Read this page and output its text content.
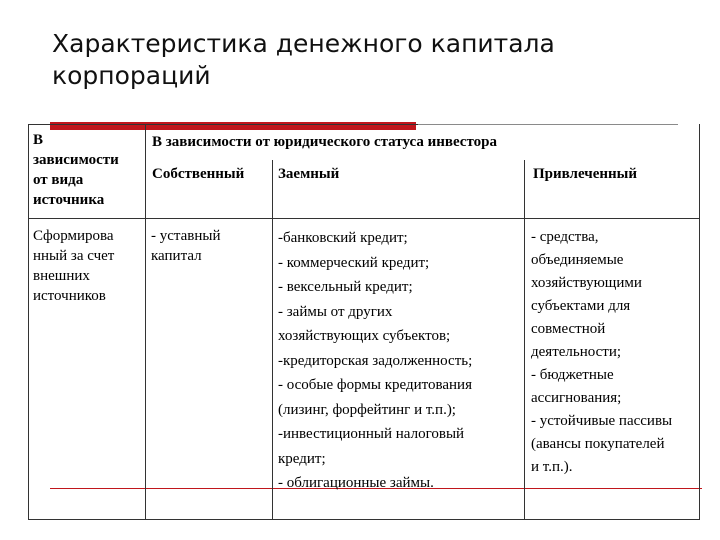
Характеристика денежного капитала
корпораций
В
зависимости
от вида
источника
В зависимости от юридического статуса инвестора
Собственный	Заемный	Привлеченный
Сформирова
нный за счет
внешних
источников
- уставный
капитал
-банковский кредит;
- коммерческий кредит;
- вексельный кредит;
- займы от других
хозяйствующих субъектов;
-кредиторская задолженность;
- особые формы кредитования
(лизинг, форфейтинг и т.п.);
-инвестиционный налоговый
кредит;
- облигационные займы.
- средства,
объединяемые
хозяйствующими
субъектами для
совместной
деятельности;
- бюджетные
ассигнования;
- устойчивые пассивы
(авансы покупателей
и т.п.).
